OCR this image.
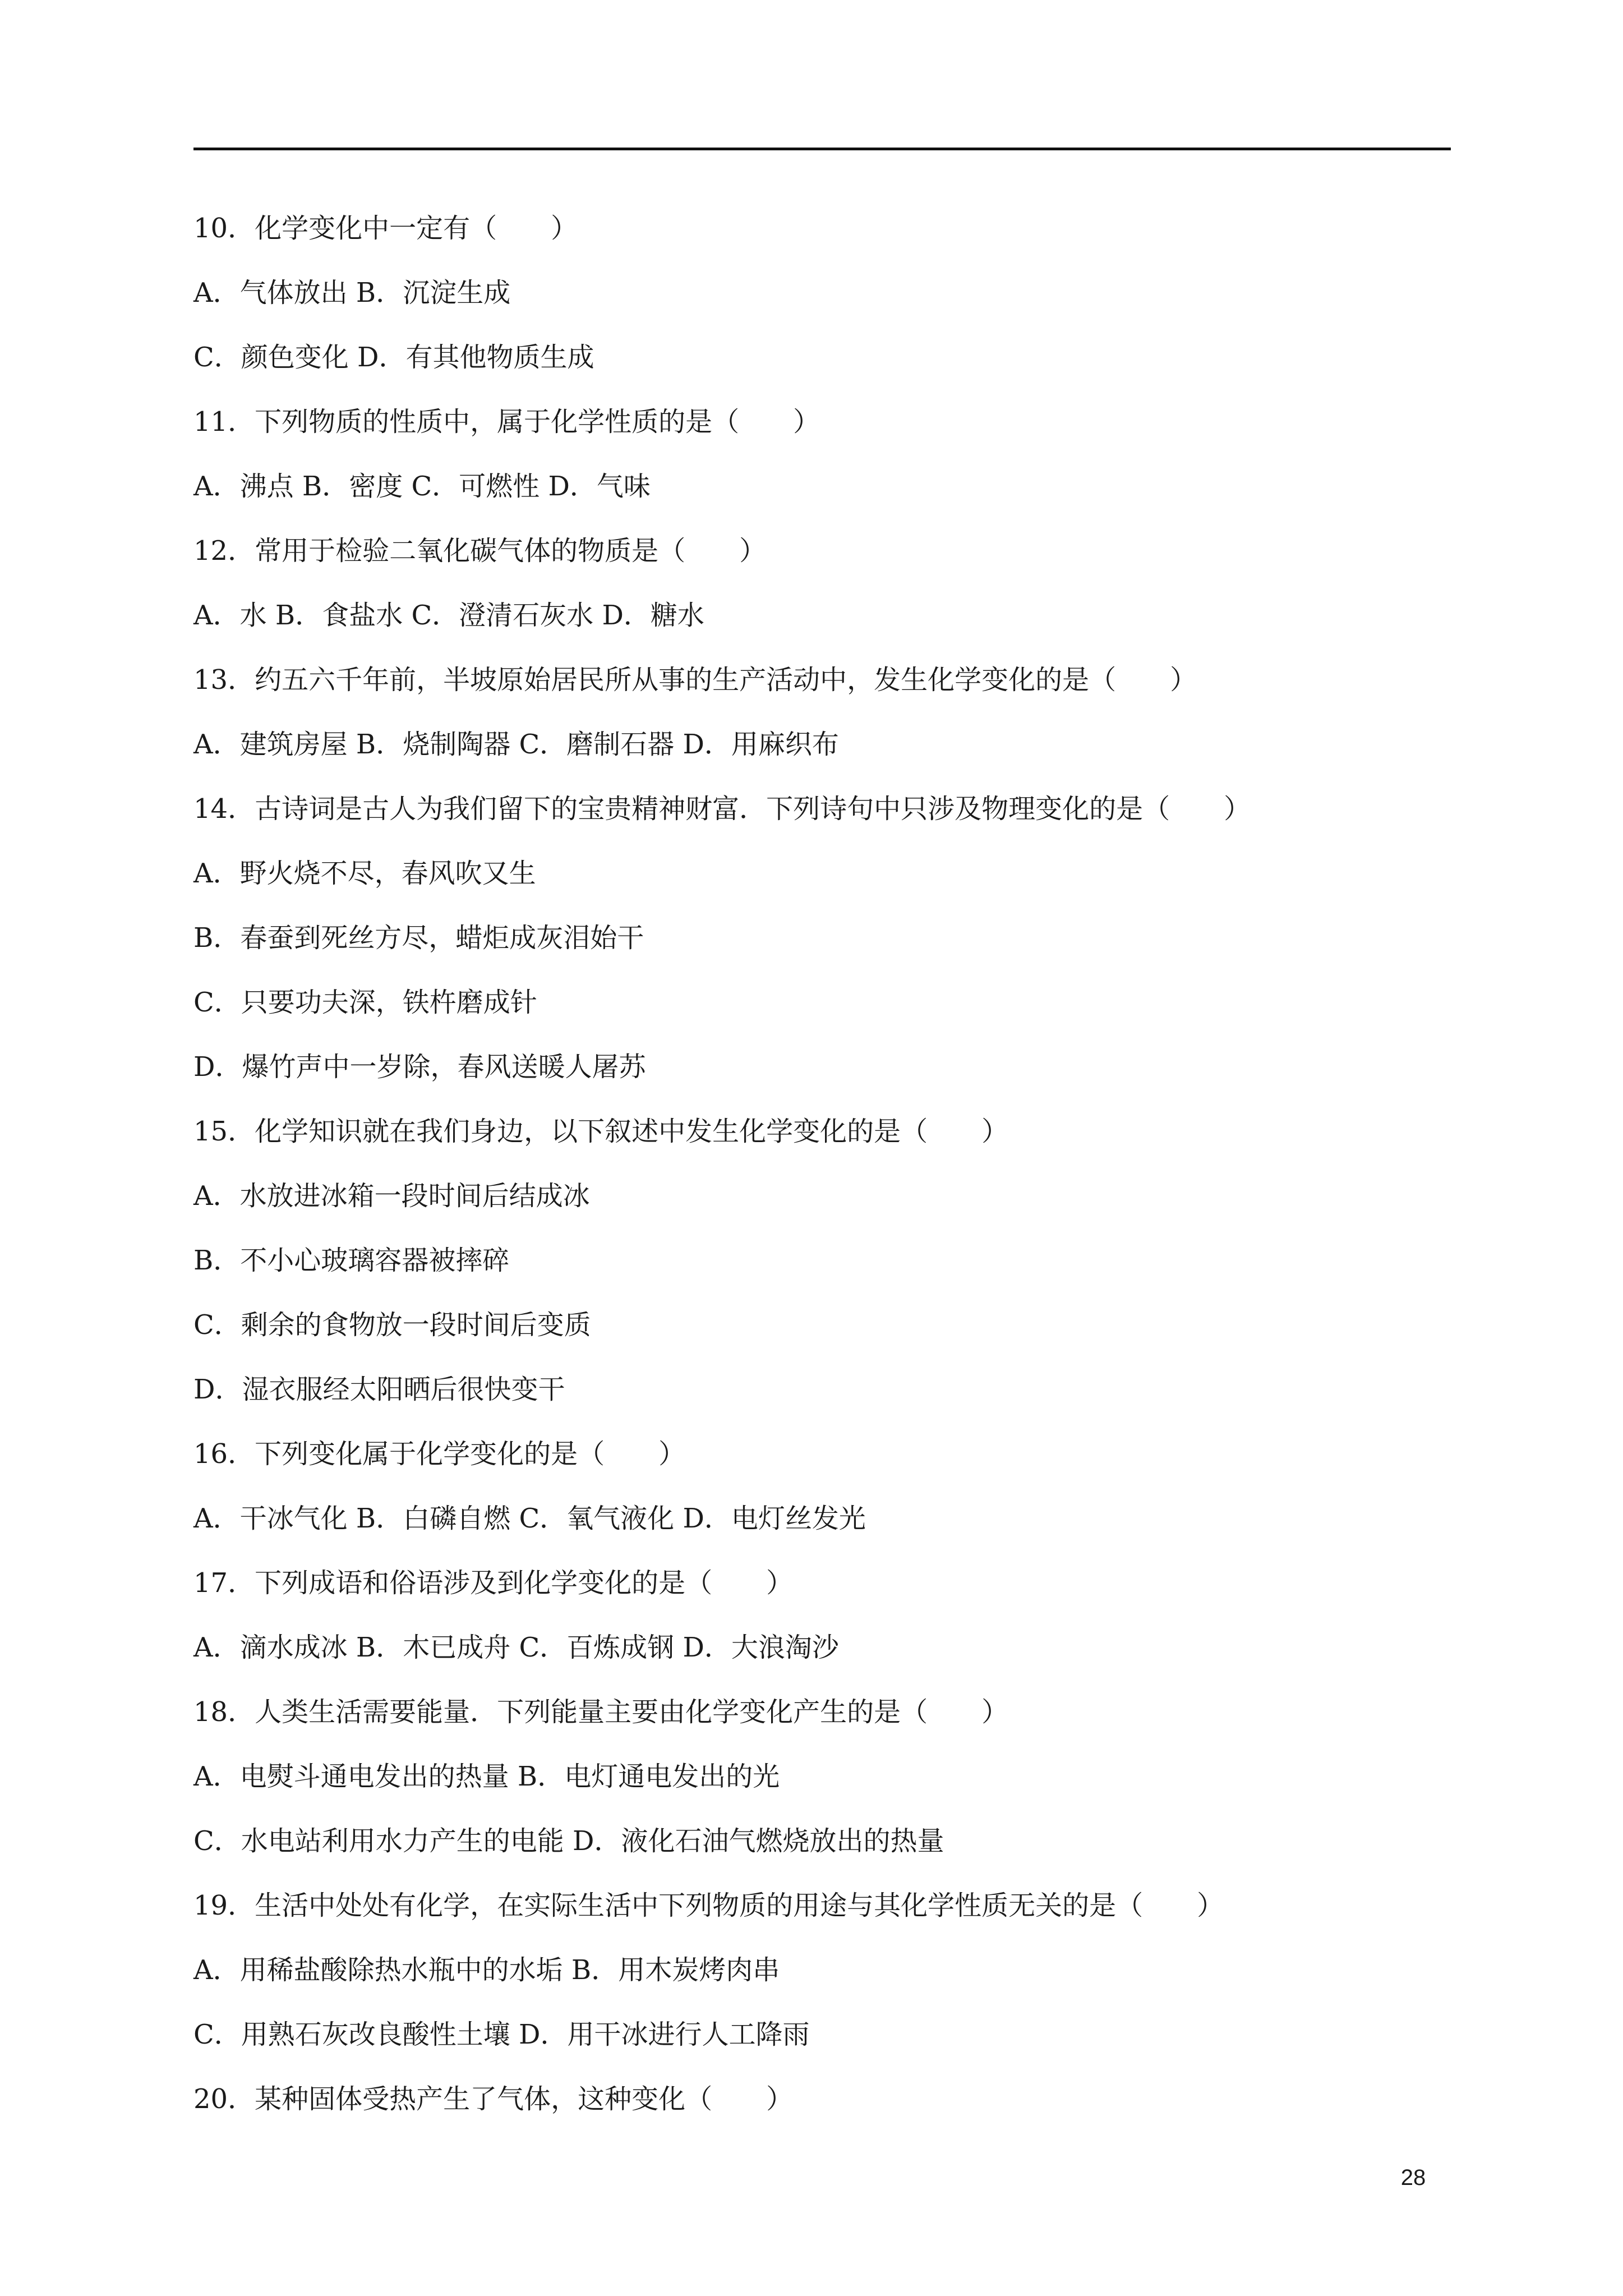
10．化学变化中一定有（　　）
A．气体放出 B．沉淀生成
C．颜色变化 D．有其他物质生成
11．下列物质的性质中，属于化学性质的是（　　）
A．沸点 B．密度 C．可燃性 D．气味
12．常用于检验二氧化碳气体的物质是（　　）
A．水 B．食盐水 C．澄清石灰水 D．糖水
13．约五六千年前，半坡原始居民所从事的生产活动中，发生化学变化的是（　　）
A．建筑房屋 B．烧制陶器 C．磨制石器 D．用麻织布
14．古诗词是古人为我们留下的宝贵精神财富．下列诗句中只涉及物理变化的是（　　）
A．野火烧不尽，春风吹又生
B．春蚕到死丝方尽，蜡炬成灰泪始干
C．只要功夫深，铁杵磨成针
D．爆竹声中一岁除，春风送暖人屠苏
15．化学知识就在我们身边，以下叙述中发生化学变化的是（　　）
A．水放进冰箱一段时间后结成冰
B．不小心玻璃容器被摔碎
C．剩余的食物放一段时间后变质
D．湿衣服经太阳晒后很快变干
16．下列变化属于化学变化的是（　　）
A．干冰气化 B．白磷自燃 C．氧气液化 D．电灯丝发光
17．下列成语和俗语涉及到化学变化的是（　　）
A．滴水成冰 B．木已成舟 C．百炼成钢 D．大浪淘沙
18．人类生活需要能量．下列能量主要由化学变化产生的是（　　）
A．电熨斗通电发出的热量 B．电灯通电发出的光
C．水电站利用水力产生的电能 D．液化石油气燃烧放出的热量
19．生活中处处有化学，在实际生活中下列物质的用途与其化学性质无关的是（　　）
A．用稀盐酸除热水瓶中的水垢 B．用木炭烤肉串
C．用熟石灰改良酸性土壤 D．用干冰进行人工降雨
20．某种固体受热产生了气体，这种变化（　　）
28
